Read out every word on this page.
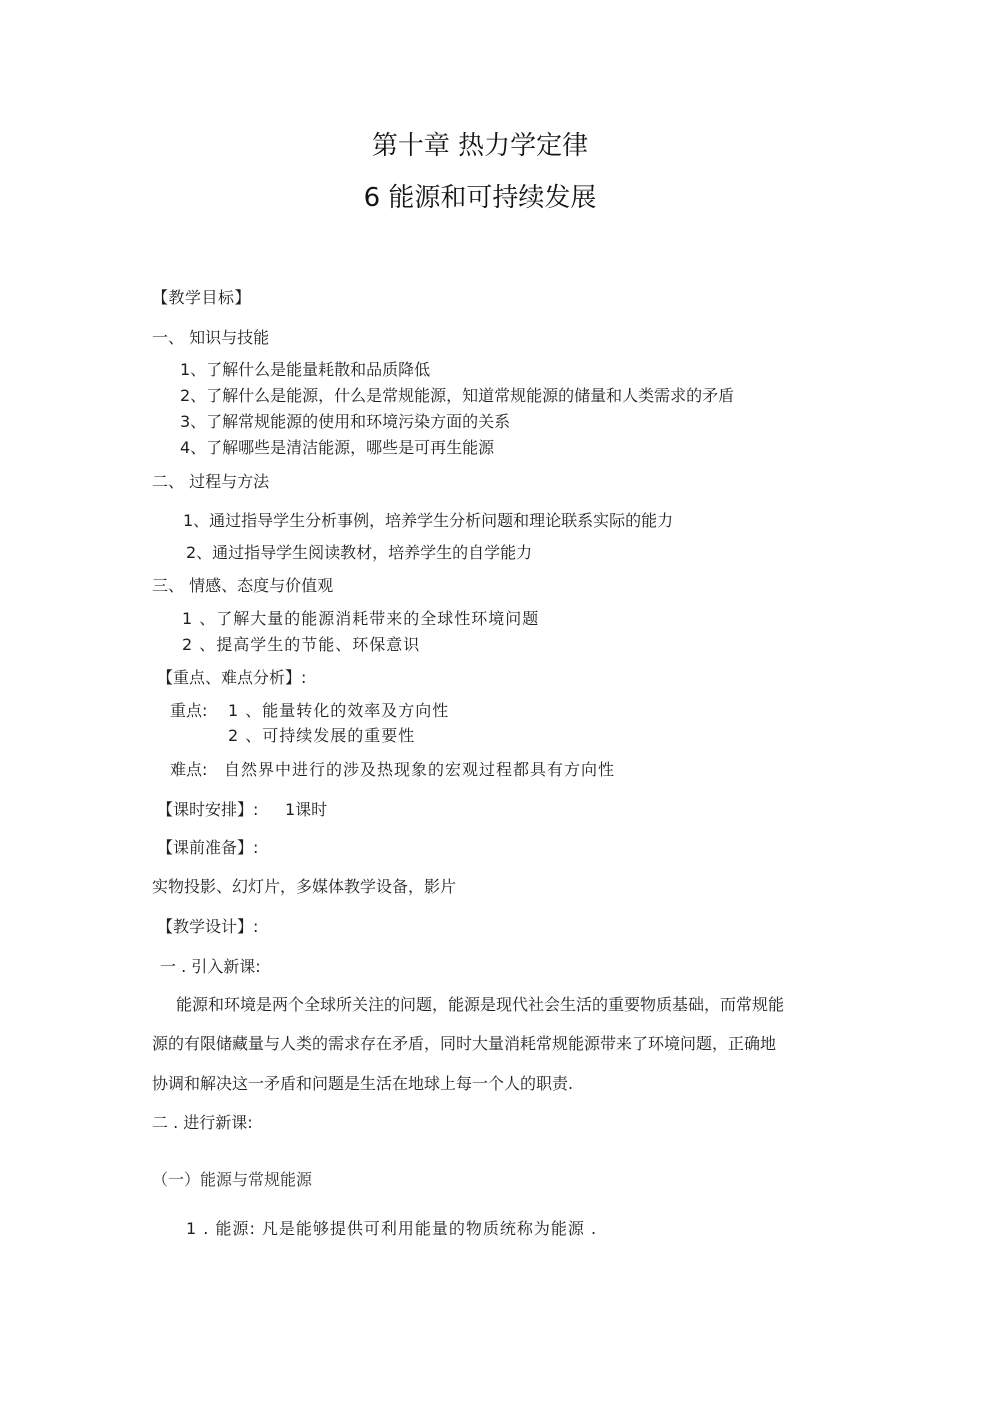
第十章 热力学定律
6 能源和可持续发展
【教学目标】
一、 知识与技能
1、了解什么是能量耗散和品质降低
2、了解什么是能源，什么是常规能源，知道常规能源的储量和人类需求的矛盾
3、了解常规能源的使用和环境污染方面的关系
4、了解哪些是清洁能源，哪些是可再生能源
二、 过程与方法
1、通过指导学生分析事例，培养学生分析问题和理论联系实际的能力
2、通过指导学生阅读教材，培养学生的自学能力
三、 情感、态度与价值观
1 、了解大量的能源消耗带来的全球性环境问题
2 、提高学生的节能、环保意识
【重点、难点分析】:
重点: 1 、能量转化的效率及方向性
2 、可持续发展的重要性
难点: 自然界中进行的涉及热现象的宏观过程都具有方向性
【课时安排】: 1课时
【课前准备】:
实物投影、幻灯片，多媒体教学设备，影片
【教学设计】:
一 . 引入新课:
能源和环境是两个全球所关注的问题，能源是现代社会生活的重要物质基础，而常规能
源的有限储藏量与人类的需求存在矛盾，同时大量消耗常规能源带来了环境问题，正确地
协调和解决这一矛盾和问题是生活在地球上每一个人的职责.
二 . 进行新课:
（一）能源与常规能源
1 . 能源: 凡是能够提供可利用能量的物质统称为能源 .
